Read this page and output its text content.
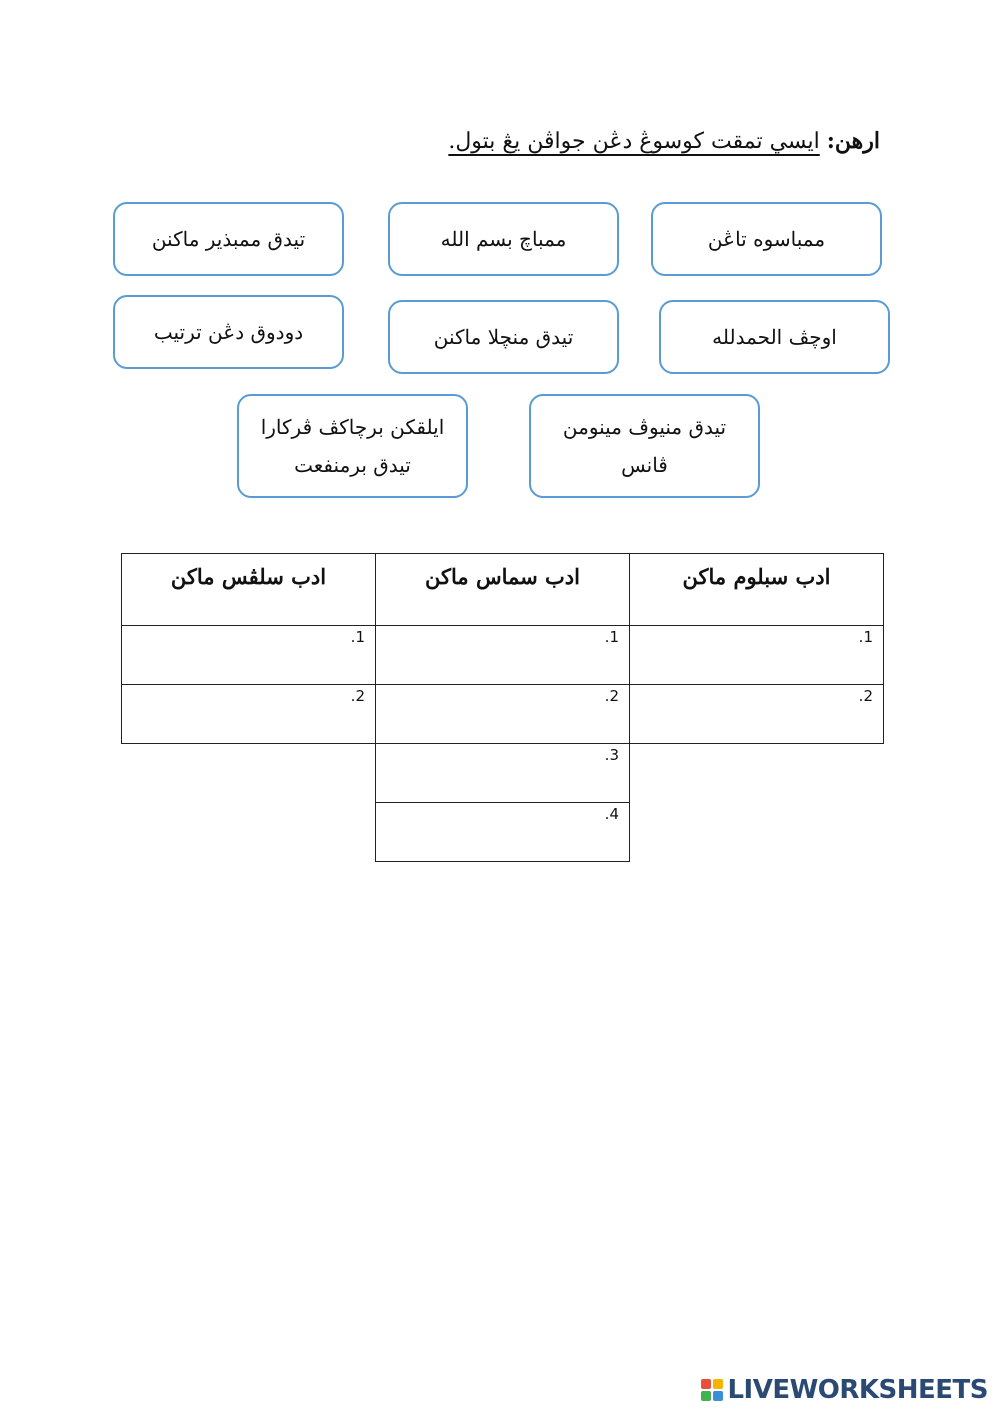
ارهن: ايسي تمقت كوسوڠ دڠن جواڤن يڠ بتول.
ممباسوه تاڠن
ممباچ بسم الله
تيدق ممبذير ماكنن
اوچڤ الحمدلله
تيدق منچلا ماكنن
دودوق دڠن ترتيب
تيدق منيوڤ مينومن ڤانس
ايلقكن برچاكڤ ڤركارا تيدق برمنفعت
ادب سبلوم ماكن	ادب سماس ماكن	ادب سلڤس ماكن

1.	1.	1.

2.	2.	2.

	3.	

	4.	

LIVEWORKSHEETS
